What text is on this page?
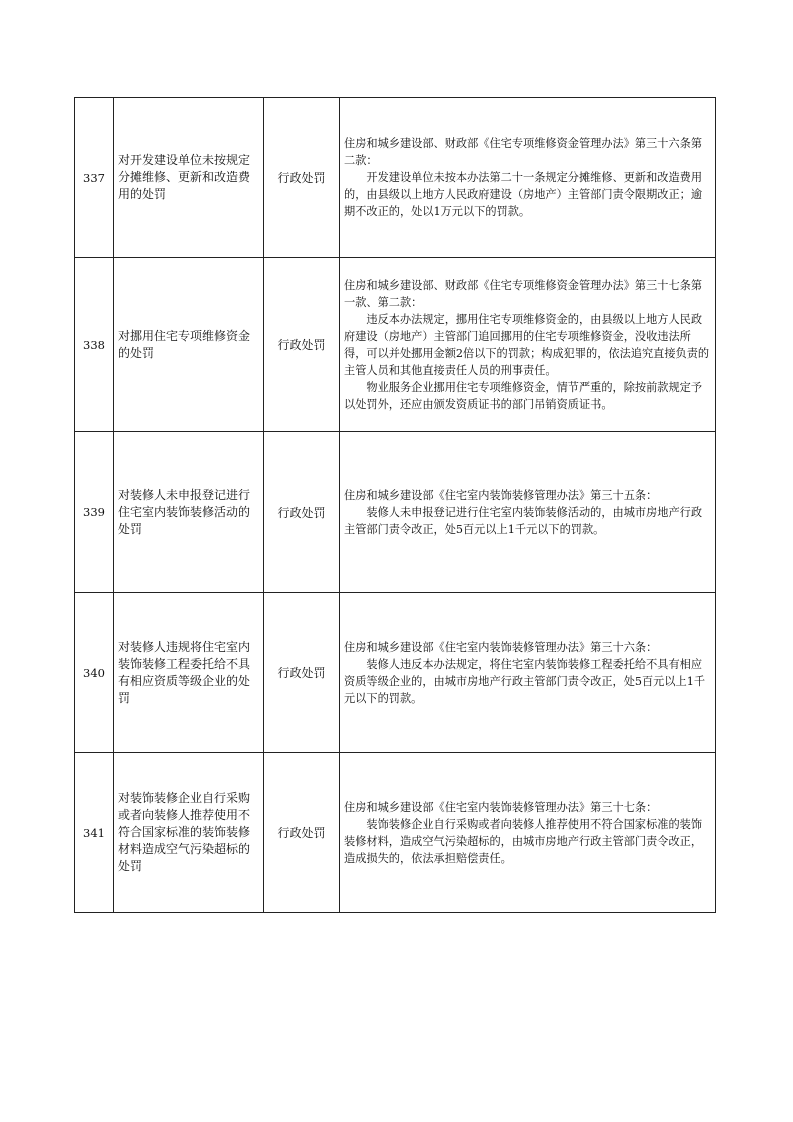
337	对开发建设单位未按规定分摊维修、更新和改造费用的处罚	行政处罚	住房和城乡建设部、财政部《住宅专项维修资金管理办法》第三十六条第二款：

开发建设单位未按本办法第二十一条规定分摊维修、更新和改造费用的，由县级以上地方人民政府建设（房地产）主管部门责令限期改正；逾期不改正的，处以1万元以下的罚款。

338	对挪用住宅专项维修资金的处罚	行政处罚	住房和城乡建设部、财政部《住宅专项维修资金管理办法》第三十七条第一款、第二款：

违反本办法规定，挪用住宅专项维修资金的，由县级以上地方人民政府建设（房地产）主管部门追回挪用的住宅专项维修资金，没收违法所得，可以并处挪用金额2倍以下的罚款；构成犯罪的，依法追究直接负责的主管人员和其他直接责任人员的刑事责任。

物业服务企业挪用住宅专项维修资金，情节严重的，除按前款规定予以处罚外，还应由颁发资质证书的部门吊销资质证书。

339	对装修人未申报登记进行住宅室内装饰装修活动的处罚	行政处罚	住房和城乡建设部《住宅室内装饰装修管理办法》第三十五条：

装修人未申报登记进行住宅室内装饰装修活动的，由城市房地产行政主管部门责令改正，处5百元以上1千元以下的罚款。

340	对装修人违规将住宅室内装饰装修工程委托给不具有相应资质等级企业的处罚	行政处罚	住房和城乡建设部《住宅室内装饰装修管理办法》第三十六条：

装修人违反本办法规定，将住宅室内装饰装修工程委托给不具有相应资质等级企业的，由城市房地产行政主管部门责令改正，处5百元以上1千元以下的罚款。

341	对装饰装修企业自行采购或者向装修人推荐使用不符合国家标准的装饰装修材料造成空气污染超标的处罚	行政处罚	住房和城乡建设部《住宅室内装饰装修管理办法》第三十七条：

装饰装修企业自行采购或者向装修人推荐使用不符合国家标准的装饰装修材料，造成空气污染超标的，由城市房地产行政主管部门责令改正，造成损失的，依法承担赔偿责任。
